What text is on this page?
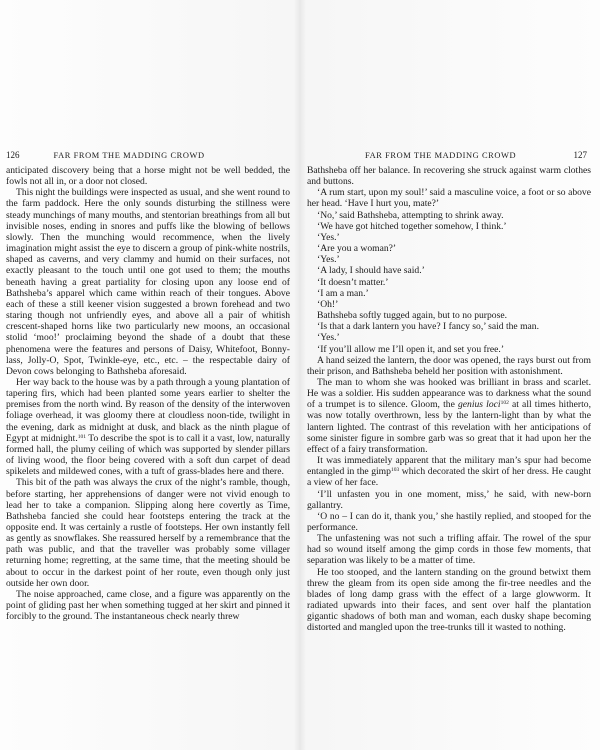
126	FAR FROM THE MADDING CROWD

anticipated discovery being that a horse might not be well bedded, the fowls not all in, or a door not closed.

This night the buildings were inspected as usual, and she went round to the farm paddock. Here the only sounds disturbing the stillness were steady munchings of many mouths, and stentorian breathings from all but invisible noses, ending in snores and puffs like the blowing of bellows slowly. Then the munching would recommence, when the lively imagination might assist the eye to discern a group of pink-white nostrils, shaped as caverns, and very clammy and humid on their surfaces, not exactly pleasant to the touch until one got used to them; the mouths beneath having a great partiality for closing upon any loose end of Bathsheba’s apparel which came within reach of their tongues. Above each of these a still keener vision suggested a brown forehead and two staring though not unfriendly eyes, and above all a pair of whitish crescent-shaped horns like two particularly new moons, an occasional stolid ‘moo!’ proclaiming beyond the shade of a doubt that these phenomena were the features and persons of Daisy, Whitefoot, Bonny-lass, Jolly-O, Spot, Twinkle-eye, etc., etc. – the respectable dairy of Devon cows belonging to Bathsheba aforesaid.

Her way back to the house was by a path through a young plantation of tapering firs, which had been planted some years earlier to shelter the premises from the north wind. By reason of the density of the interwoven foliage overhead, it was gloomy there at cloudless noon-tide, twilight in the evening, dark as midnight at dusk, and black as the ninth plague of Egypt at midnight.$^{101}$ To describe the spot is to call it a vast, low, naturally formed hall, the plumy ceiling of which was supported by slender pillars of living wood, the floor being covered with a soft dun carpet of dead spikelets and mildewed cones, with a tuft of grass-blades here and there.

This bit of the path was always the crux of the night’s ramble, though, before starting, her apprehensions of danger were not vivid enough to lead her to take a companion. Slipping along here covertly as Time, Bathsheba fancied she could hear footsteps entering the track at the opposite end. It was certainly a rustle of footsteps. Her own instantly fell as gently as snowflakes. She reassured herself by a remembrance that the path was public, and that the traveller was probably some villager returning home; regretting, at the same time, that the meeting should be about to occur in the darkest point of her route, even though only just outside her own door.

The noise approached, came close, and a figure was apparently on the point of gliding past her when something tugged at her skirt and pinned it forcibly to the ground. The instantaneous check nearly threw

FAR FROM THE MADDING CROWD	127

Bathsheba off her balance. In recovering she struck against warm clothes and buttons.

‘A rum start, upon my soul!’ said a masculine voice, a foot or so above her head. ‘Have I hurt you, mate?’

‘No,’ said Bathsheba, attempting to shrink away.

‘We have got hitched together somehow, I think.’

‘Yes.’

‘Are you a woman?’

‘Yes.’

‘A lady, I should have said.’

‘It doesn’t matter.’

‘I am a man.’

‘Oh!’

Bathsheba softly tugged again, but to no purpose.

‘Is that a dark lantern you have? I fancy so,’ said the man.

‘Yes.’

‘If you’ll allow me I’ll open it, and set you free.’

A hand seized the lantern, the door was opened, the rays burst out from their prison, and Bathsheba beheld her position with astonishment.

The man to whom she was hooked was brilliant in brass and scarlet. He was a soldier. His sudden appearance was to darkness what the sound of a trumpet is to silence. Gloom, the genius loci$^{102}$ at all times hitherto, was now totally overthrown, less by the lantern-light than by what the lantern lighted. The contrast of this revelation with her anticipations of some sinister figure in sombre garb was so great that it had upon her the effect of a fairy transformation.

It was immediately apparent that the military man’s spur had become entangled in the gimp$^{103}$ which decorated the skirt of her dress. He caught a view of her face.

‘I’ll unfasten you in one moment, miss,’ he said, with new-born gallantry.

‘O no – I can do it, thank you,’ she hastily replied, and stooped for the performance.

The unfastening was not such a trifling affair. The rowel of the spur had so wound itself among the gimp cords in those few moments, that separation was likely to be a matter of time.

He too stooped, and the lantern standing on the ground betwixt them threw the gleam from its open side among the fir-tree needles and the blades of long damp grass with the effect of a large glowworm. It radiated upwards into their faces, and sent over half the plantation gigantic shadows of both man and woman, each dusky shape becoming distorted and mangled upon the tree-trunks till it wasted to nothing.
